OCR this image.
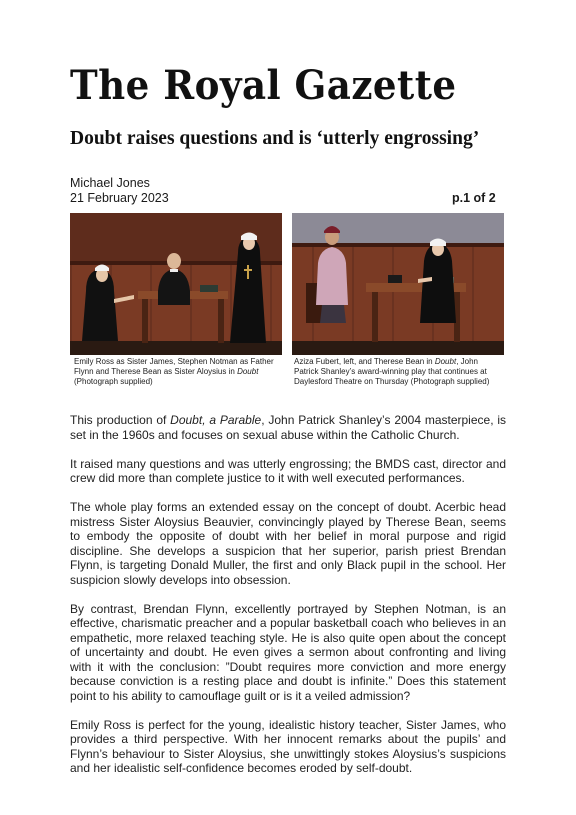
The Royal Gazette
Doubt raises questions and is ‘utterly engrossing’
Michael Jones
21 February 2023	p.1 of 2
Emily Ross as Sister James, Stephen Notman as Father Flynn and Therese Bean as Sister Aloysius in Doubt (Photograph supplied)
Aziza Fubert, left, and Therese Bean in Doubt, John Patrick Shanley’s award-winning play that continues at Daylesford Theatre on Thursday (Photograph supplied)

This production of Doubt, a Parable, John Patrick Shanley’s 2004 masterpiece, is set in the 1960s and focuses on sexual abuse within the Catholic Church.

It raised many questions and was utterly engrossing; the BMDS cast, director and crew did more than complete justice to it with well executed performances.

The whole play forms an extended essay on the concept of doubt. Acerbic head mistress Sister Aloysius Beauvier, convincingly played by Therese Bean, seems to embody the opposite of doubt with her belief in moral purpose and rigid discipline. She develops a suspicion that her superior, parish priest Brendan Flynn, is targeting Donald Muller, the first and only Black pupil in the school. Her suspicion slowly develops into obsession.

By contrast, Brendan Flynn, excellently portrayed by Stephen Notman, is an effective, charismatic preacher and a popular basketball coach who believes in an empathetic, more relaxed teaching style. He is also quite open about the concept of uncertainty and doubt. He even gives a sermon about confronting and living with it with the conclusion: ”Doubt requires more conviction and more energy because conviction is a resting place and doubt is infinite.” Does this statement point to his ability to camouflage guilt or is it a veiled admission?

Emily Ross is perfect for the young, idealistic history teacher, Sister James, who provides a third perspective. With her innocent remarks about the pupils’ and Flynn’s behaviour to Sister Aloysius, she unwittingly stokes Aloysius’s suspicions and her idealistic self-confidence becomes eroded by self-doubt.
